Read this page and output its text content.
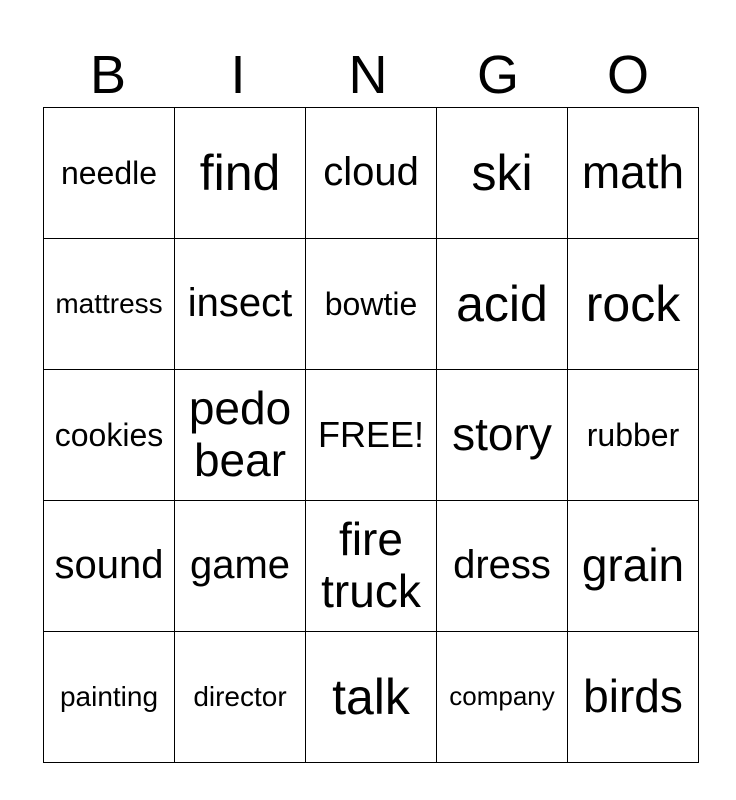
B	I	N	G	O
needle	find	cloud	ski	math
mattress	insect	bowtie	acid	rock
cookies	pedo bear	FREE!	story	rubber
sound	game	fire truck	dress	grain
painting	director	talk	company	birds
